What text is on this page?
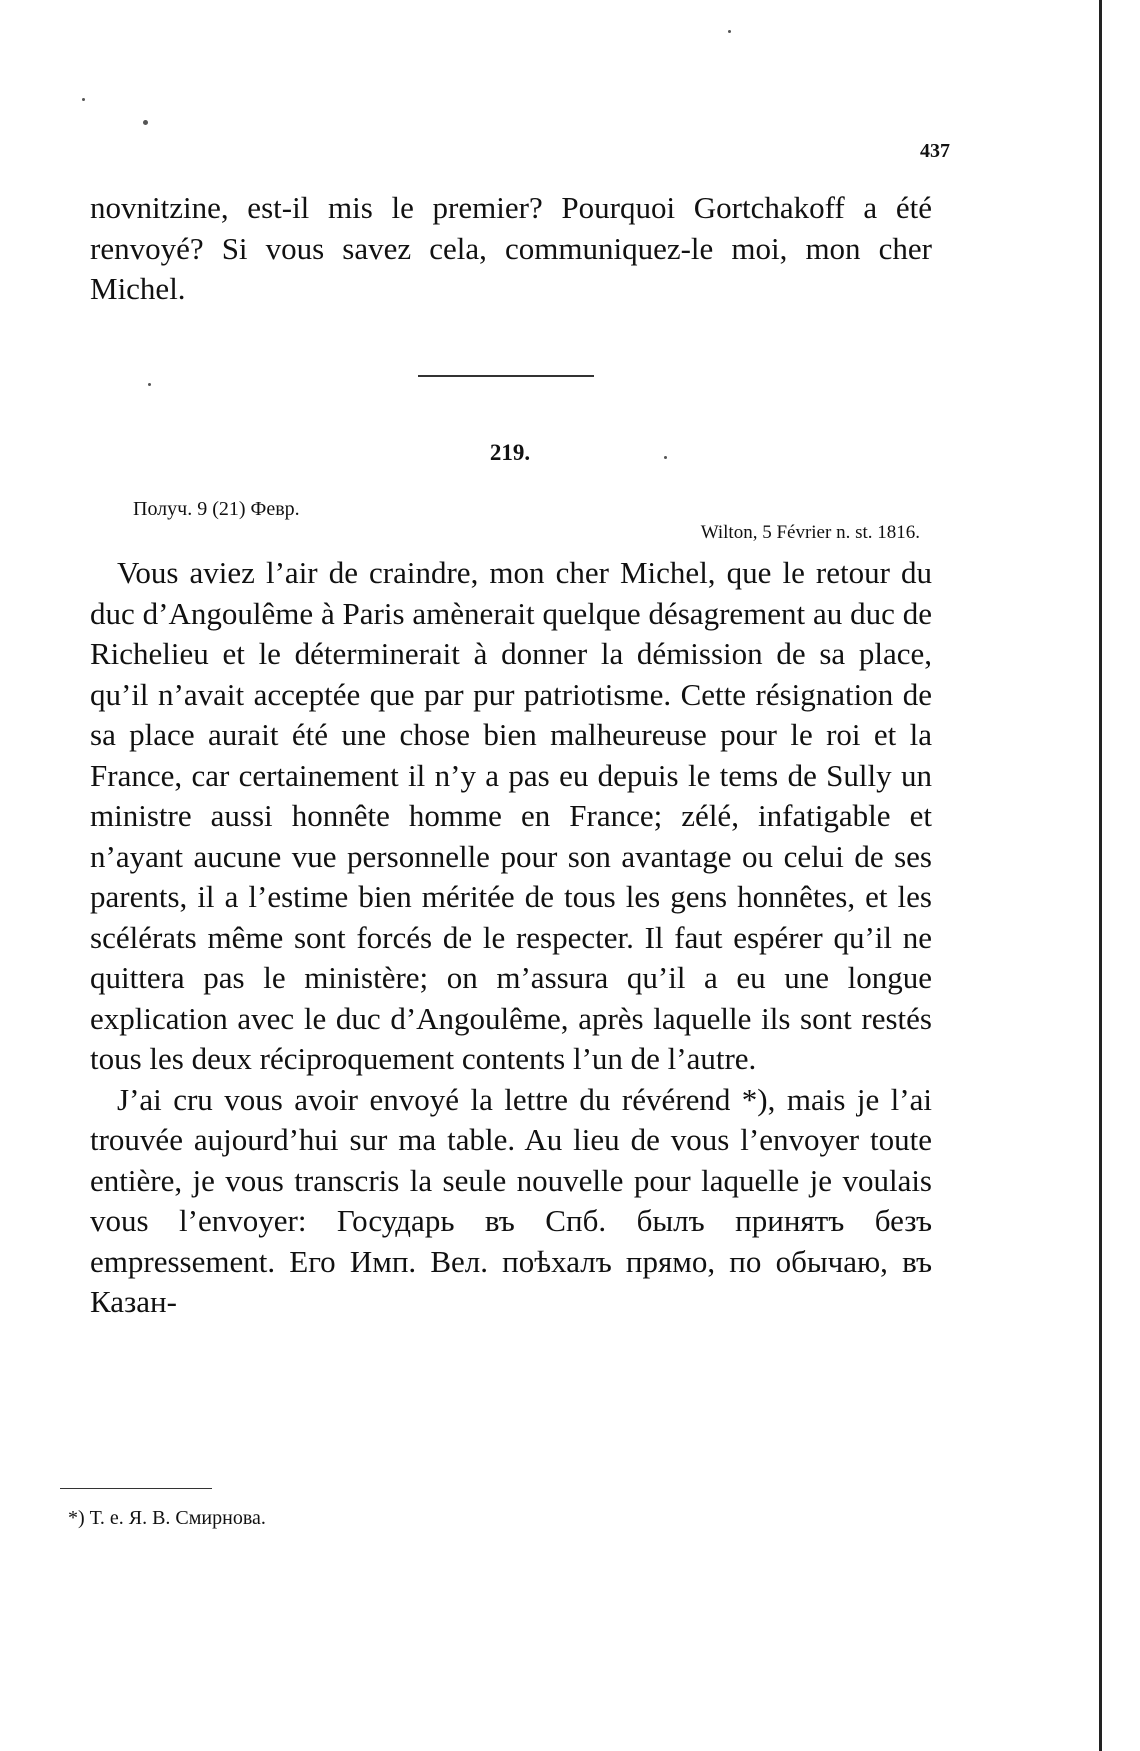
437

novnitzine, est-il mis le premier? Pourquoi Gortchakoff a été renvoyé? Si vous savez cela, communiquez-le moi, mon cher Michel.

219.
Получ. 9 (21) Февр.
Wilton, 5 Février n. st. 1816.

Vous aviez l’air de craindre, mon cher Michel, que le retour du duc d’Angoulême à Paris amènerait quelque désagrement au duc de Richelieu et le déterminerait à donner la démission de sa place, qu’il n’avait acceptée que par pur patriotisme. Cette résignation de sa place aurait été une chose bien malheureuse pour le roi et la France, car certainement il n’y a pas eu depuis le tems de Sully un ministre aussi honnête homme en France; zélé, infatigable et n’ayant aucune vue personnelle pour son avantage ou celui de ses parents, il a l’estime bien méritée de tous les gens honnêtes, et les scélérats même sont forcés de le respecter. Il faut espérer qu’il ne quittera pas le ministère; on m’assura qu’il a eu une longue explication avec le duc d’Angoulême, après laquelle ils sont restés tous les deux réciproquement contents l’un de l’autre.

J’ai cru vous avoir envoyé la lettre du révérend *), mais je l’ai trouvée aujourd’hui sur ma table. Au lieu de vous l’envoyer toute entière, je vous transcris la seule nouvelle pour laquelle je voulais vous l’envoyer: Государь въ Спб. былъ принятъ безъ empressement. Его Имп. Вел. поѣхалъ прямо, по обычаю, въ Казан-

*) Т. е. Я. В. Смирнова.
